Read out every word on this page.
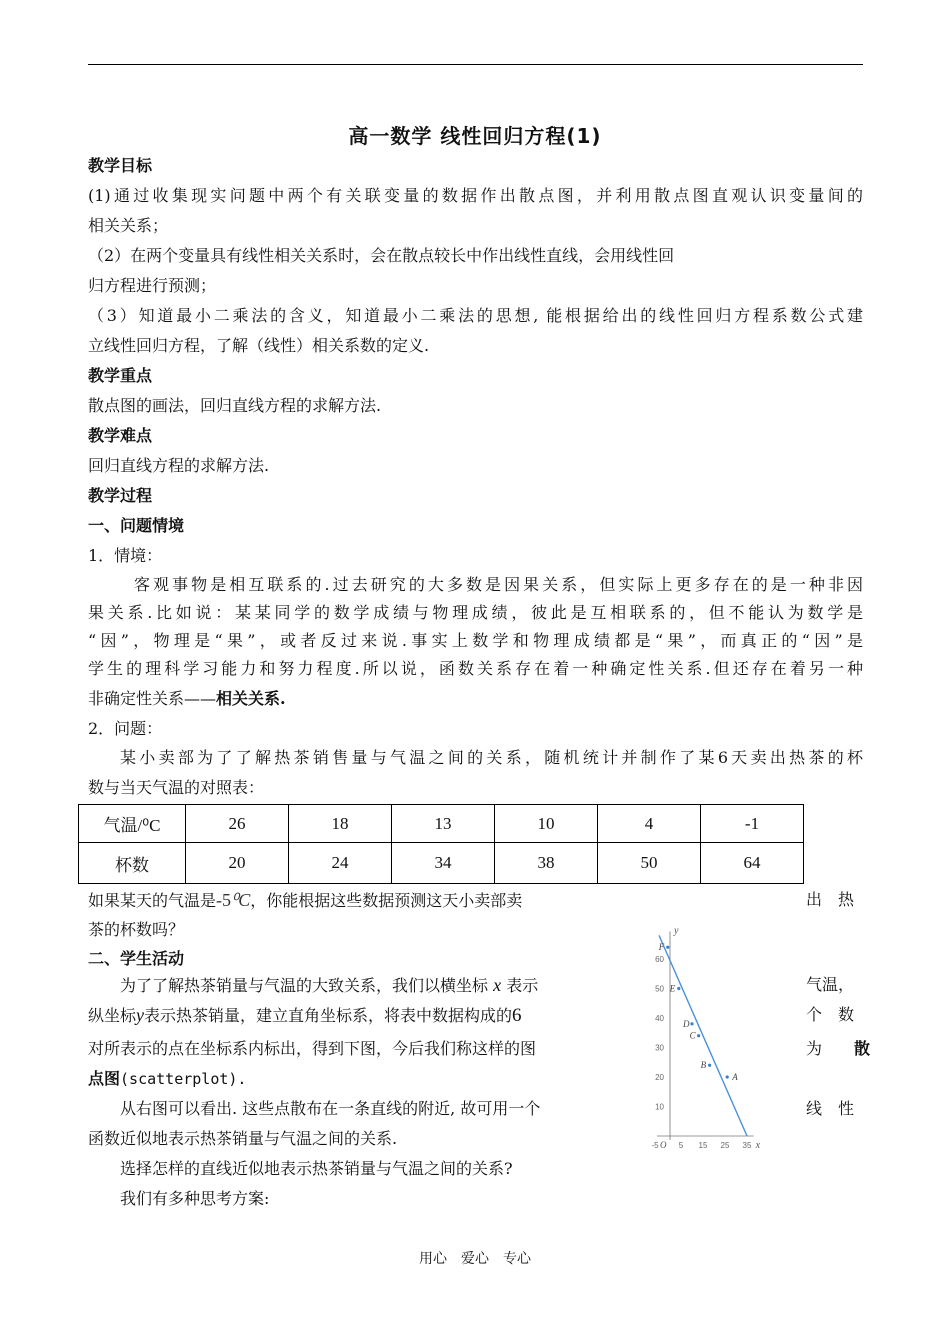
高一数学 线性回归方程(1)
教学目标
(1)通过收集现实问题中两个有关联变量的数据作出散点图，并利用散点图直观认识变量间的
相关关系；
（2）在两个变量具有线性相关关系时，会在散点较长中作出线性直线，会用线性回
归方程进行预测；
（3）知道最小二乘法的含义，知道最小二乘法的思想, 能根据给出的线性回归方程系数公式建
立线性回归方程，了解（线性）相关系数的定义.
教学重点
散点图的画法，回归直线方程的求解方法.
教学难点
回归直线方程的求解方法.
教学过程
一、问题情境
1．情境：
客观事物是相互联系的.过去研究的大多数是因果关系，但实际上更多存在的是一种非因
果关系.比如说：某某同学的数学成绩与物理成绩，彼此是互相联系的，但不能认为数学是
“因”，物理是“果”，或者反过来说.事实上数学和物理成绩都是“果”，而真正的“因”是
学生的理科学习能力和努力程度.所以说，函数关系存在着一种确定性关系.但还存在着另一种
非确定性关系——相关关系.
2．问题：
某小卖部为了了解热茶销售量与气温之间的关系，随机统计并制作了某6天卖出热茶的杯
数与当天气温的对照表：
气温/⁰C	26	18	13	10	4	-1
杯数	20	24	34	38	50	64
如果某天的气温是-5⁰C，你能根据这些数据预测这天小卖部卖	出　热
茶的杯数吗？
二、学生活动
为了了解热茶销量与气温的大致关系，我们以横坐标 x 表示	气温，
纵坐标y表示热茶销量，建立直角坐标系，将表中数据构成的6	个　数
对所表示的点在坐标系内标出，得到下图，今后我们称这样的图	为　　 散
点图(scatterplot).
从右图可以看出. 这些点散布在一条直线的附近, 故可用一个	线　性
函数近似地表示热茶销量与气温之间的关系.
选择怎样的直线近似地表示热茶销量与气温之间的关系?
我们有多种思考方案:
x
y
O
-5	5 15 25 35
10
20
30
40
50
60
A
B
C
D
E
F
用心　爱心　专心
